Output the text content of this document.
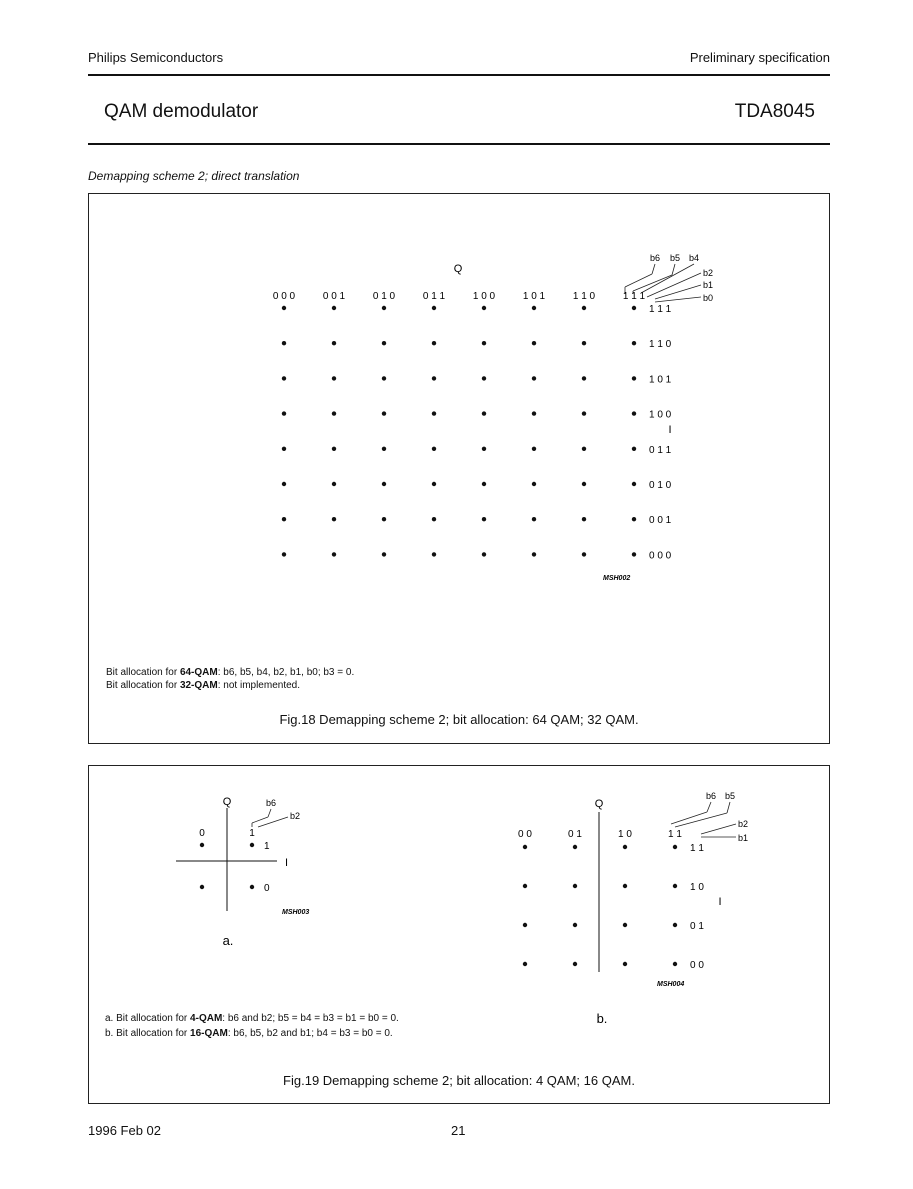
Philips Semiconductors	Preliminary specification
QAM demodulator	TDA8045
Demapping scheme 2; direct translation
Q
I
b6 b5 b4
b2
b1
b0
0 0 0	0 0 1	0 1 0	0 1 1	1 0 0	1 0 1	1 1 0	1 1 1
1 1 1
1 1 0
1 0 1
1 0 0
0 1 1
0 1 0
0 0 1
0 0 0
MSH002
Bit allocation for 64-QAM: b6, b5, b4, b2, b1, b0; b3 = 0.
Bit allocation for 32-QAM: not implemented.
Fig.18 Demapping scheme 2; bit allocation: 64 QAM; 32 QAM.
Q
I
b6
b2
0	1
1
0
MSH003
a.
Q
I
b6 b5
b2
b1
0 0	0 1	1 0	1 1
1 1
1 0
0 1
0 0
MSH004
b.
a. Bit allocation for 4-QAM: b6 and b2; b5 = b4 = b3 = b1 = b0 = 0.
b. Bit allocation for 16-QAM: b6, b5, b2 and b1; b4 = b3 = b0 = 0.
Fig.19 Demapping scheme 2; bit allocation: 4 QAM; 16 QAM.
1996 Feb 02	21
